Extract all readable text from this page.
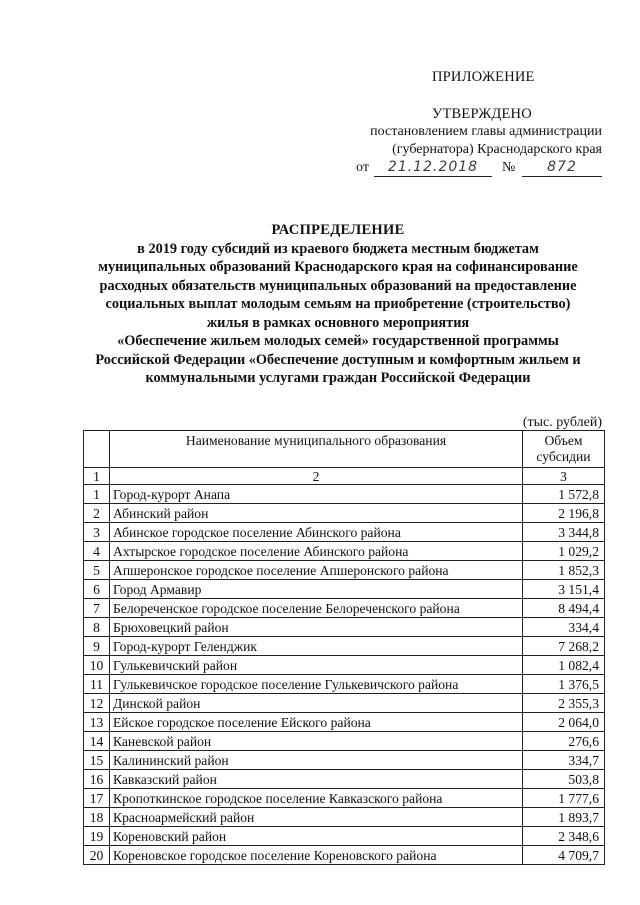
ПРИЛОЖЕНИЕ
УТВЕРЖДЕНО
постановлением главы администрации
(губернатора) Краснодарского края
от	21.12.2018	№	872
РАСПРЕДЕЛЕНИЕ
в 2019 году субсидий из краевого бюджета местным бюджетам
муниципальных образований Краснодарского края на софинансирование
расходных обязательств муниципальных образований на предоставление
социальных выплат молодым семьям на приобретение (строительство)
жилья в рамках основного мероприятия
«Обеспечение жильем молодых семей» государственной программы
Российской Федерации «Обеспечение доступным и комфортным жильем и
коммунальными услугами граждан Российской Федерации
(тыс. рублей)
	Наименование муниципального образования	Объем
субсидии

1	2	3
1	Город-курорт Анапа	1 572,8
2	Абинский район	2 196,8
3	Абинское городское поселение Абинского района	3 344,8
4	Ахтырское городское поселение Абинского района	1 029,2
5	Апшеронское городское поселение Апшеронского района	1 852,3
6	Город Армавир	3 151,4
7	Белореченское городское поселение Белореченского района	8 494,4
8	Брюховецкий район	334,4
9	Город-курорт Геленджик	7 268,2
10	Гулькевичский район	1 082,4
11	Гулькевичское городское поселение Гулькевичского района	1 376,5
12	Динской район	2 355,3
13	Ейское городское поселение Ейского района	2 064,0
14	Каневской район	276,6
15	Калининский район	334,7
16	Кавказский район	503,8
17	Кропоткинское городское поселение Кавказского района	1 777,6
18	Красноармейский район	1 893,7
19	Кореновский район	2 348,6
20	Кореновское городское поселение Кореновского района	4 709,7
